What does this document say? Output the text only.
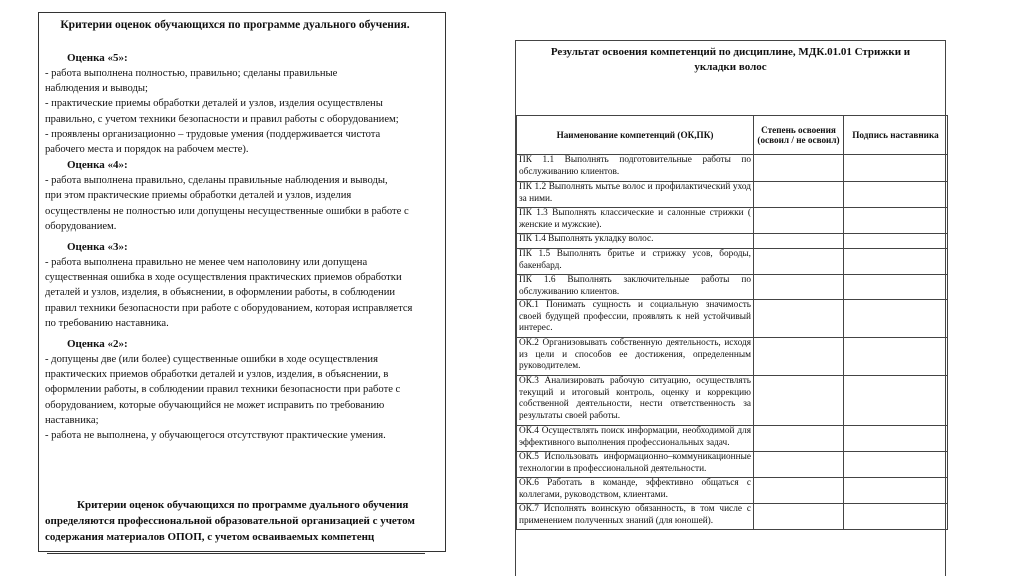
Критерии оценок обучающихся по программе дуального обучения.
Оценка «5»:

- работа выполнена полностью, правильно; сделаны правильные

наблюдения и выводы;

- практические приемы обработки деталей и узлов, изделия осуществлены

правильно, с учетом техники безопасности и правил работы с оборудованием;

- проявлены организационно – трудовые умения (поддерживается чистота

рабочего места и порядок на рабочем месте).

Оценка «4»:

- работа выполнена правильно, сделаны правильные наблюдения и выводы,

при этом практические приемы обработки деталей и узлов, изделия

осуществлены не полностью или допущены несущественные ошибки в работе с

оборудованием.

Оценка «3»:

- работа выполнена правильно не менее чем наполовину или допущена

существенная ошибка в ходе осуществления практических приемов обработки

деталей и узлов, изделия, в объяснении, в оформлении работы, в соблюдении

правил техники безопасности при работе с оборудованием, которая исправляется

по требованию наставника.

Оценка «2»:

- допущены две (или более) существенные ошибки в ходе осуществления

практических приемов обработки деталей и узлов, изделия, в объяснении, в

оформлении работы, в соблюдении правил техники безопасности при работе с

оборудованием, которые обучающийся не может исправить по требованию

наставника;

- работа не выполнена, у обучающегося отсутствуют практические умения.

Критерии оценок обучающихся по программе дуального обучения
определяются профессиональной образовательной организацией с учетом
содержания материалов ОПОП, с учетом осваиваемых компетенц
Результат освоения компетенций по дисциплине, МДК.01.01 Стрижки и укладки волос
Наименование компетенций (ОК,ПК)	Степень освоения (освоил / не освоил)	Подпись наставника
ПК 1.1 Выполнять подготовительные работы по обслуживанию клиентов.		
ПК 1.2 Выполнять мытье волос и профилактический уход за ними.		
ПК 1.3 Выполнять классические и салонные стрижки ( женские и мужские).		
ПК 1.4 Выполнять укладку волос.		
ПК 1.5 Выполнять бритье и стрижку усов, бороды, бакенбард.		
ПК 1.6 Выполнять заключительные работы по обслуживанию клиентов.		
ОК.1 Понимать сущность и социальную значимость своей будущей профессии, проявлять к ней устойчивый интерес.		
ОК.2 Организовывать собственную деятельность, исходя из цели и способов ее достижения, определенным руководителем.		
ОК.3 Анализировать рабочую ситуацию, осуществлять текущий и итоговый контроль, оценку и коррекцию собственной деятельности, нести ответственность за результаты своей работы.		
ОК.4 Осуществлять поиск информации, необходимой для эффективного выполнения профессиональных задач.		
ОК.5 Использовать информационно–коммуникационные технологии в профессиональной деятельности.		
ОК.6 Работать в команде, эффективно общаться с коллегами, руководством, клиентами.		
ОК.7 Исполнять воинскую обязанность, в том числе с применением полученных знаний (для юношей).		
